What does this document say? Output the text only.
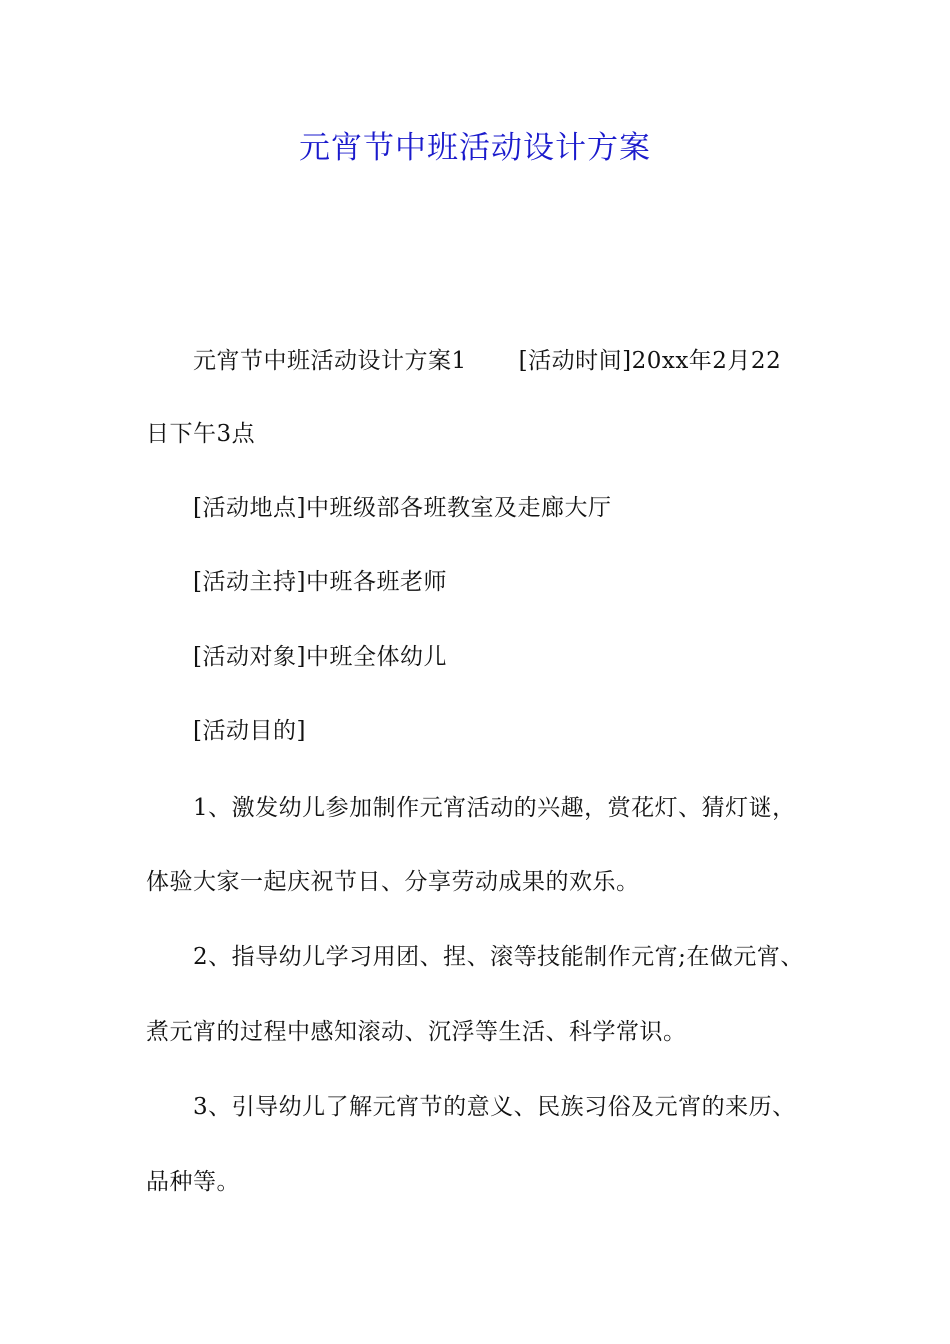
元宵节中班活动设计方案
元宵节中班活动设计方案1 [活动时间]20xx年2月22
日下午3点
[活动地点]中班级部各班教室及走廊大厅
[活动主持]中班各班老师
[活动对象]中班全体幼儿
[活动目的]
1、激发幼儿参加制作元宵活动的兴趣，赏花灯、猜灯谜，
体验大家一起庆祝节日、分享劳动成果的欢乐。
2、指导幼儿学习用团、捏、滚等技能制作元宵;在做元宵、
煮元宵的过程中感知滚动、沉浮等生活、科学常识。
3、引导幼儿了解元宵节的意义、民族习俗及元宵的来历、
品种等。
